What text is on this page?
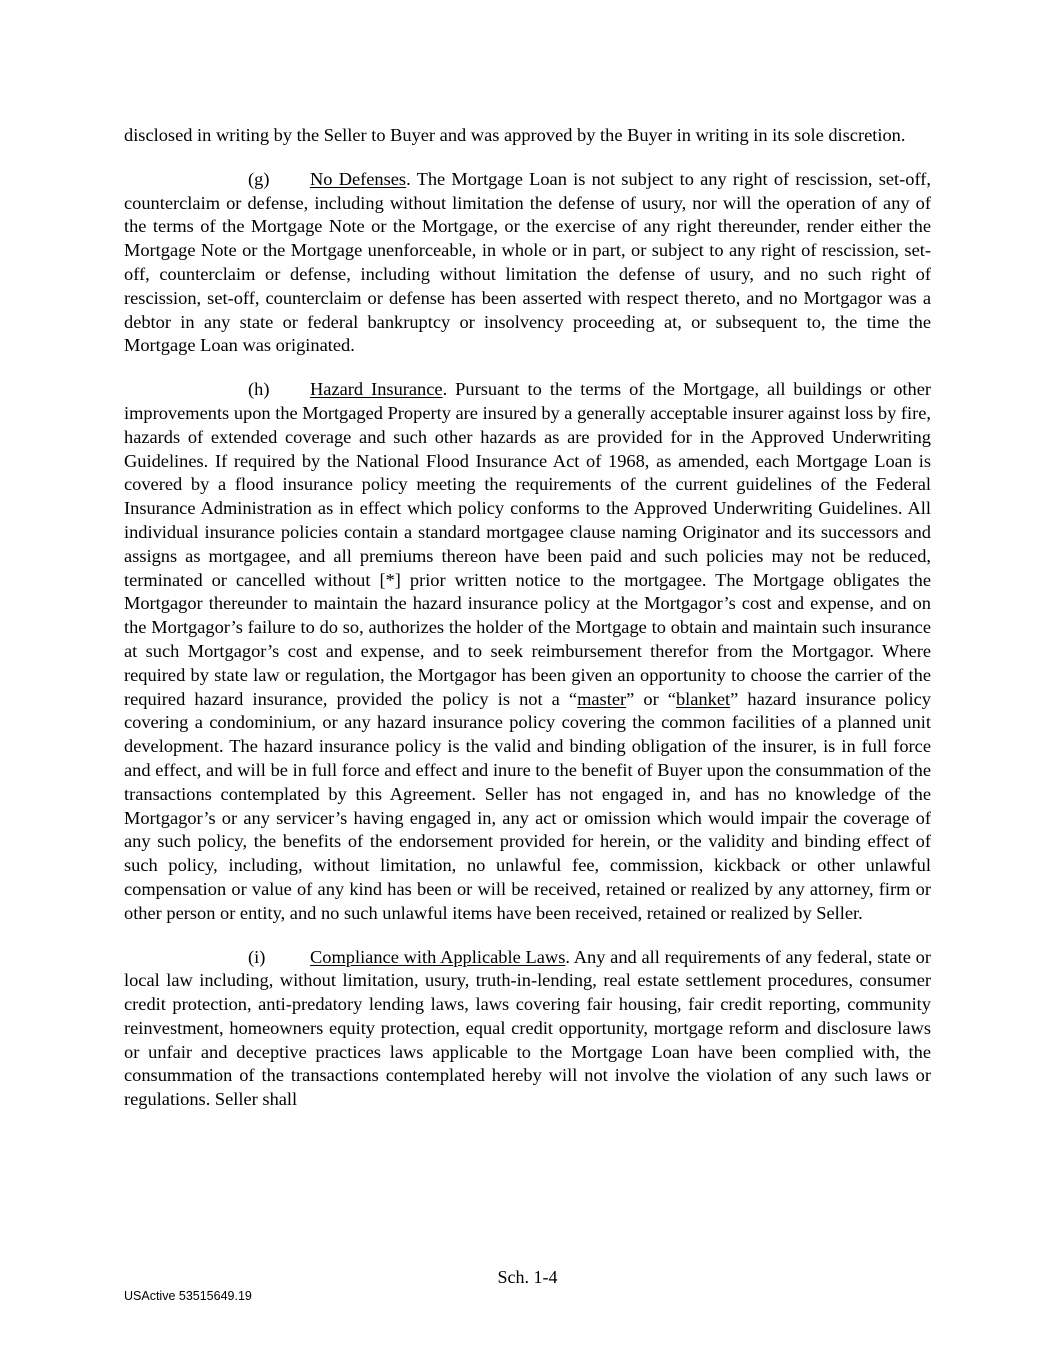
disclosed in writing by the Seller to Buyer and was approved by the Buyer in writing in its sole discretion.

(g) No Defenses. The Mortgage Loan is not subject to any right of rescission, set-off, counterclaim or defense, including without limitation the defense of usury, nor will the operation of any of the terms of the Mortgage Note or the Mortgage, or the exercise of any right thereunder, render either the Mortgage Note or the Mortgage unenforceable, in whole or in part, or subject to any right of rescission, set-off, counterclaim or defense, including without limitation the defense of usury, and no such right of rescission, set-off, counterclaim or defense has been asserted with respect thereto, and no Mortgagor was a debtor in any state or federal bankruptcy or insolvency proceeding at, or subsequent to, the time the Mortgage Loan was originated.

(h) Hazard Insurance. Pursuant to the terms of the Mortgage, all buildings or other improvements upon the Mortgaged Property are insured by a generally acceptable insurer against loss by fire, hazards of extended coverage and such other hazards as are provided for in the Approved Underwriting Guidelines. If required by the National Flood Insurance Act of 1968, as amended, each Mortgage Loan is covered by a flood insurance policy meeting the requirements of the current guidelines of the Federal Insurance Administration as in effect which policy conforms to the Approved Underwriting Guidelines. All individual insurance policies contain a standard mortgagee clause naming Originator and its successors and assigns as mortgagee, and all premiums thereon have been paid and such policies may not be reduced, terminated or cancelled without [*] prior written notice to the mortgagee. The Mortgage obligates the Mortgagor thereunder to maintain the hazard insurance policy at the Mortgagor’s cost and expense, and on the Mortgagor’s failure to do so, authorizes the holder of the Mortgage to obtain and maintain such insurance at such Mortgagor’s cost and expense, and to seek reimbursement therefor from the Mortgagor. Where required by state law or regulation, the Mortgagor has been given an opportunity to choose the carrier of the required hazard insurance, provided the policy is not a “master” or “blanket” hazard insurance policy covering a condominium, or any hazard insurance policy covering the common facilities of a planned unit development. The hazard insurance policy is the valid and binding obligation of the insurer, is in full force and effect, and will be in full force and effect and inure to the benefit of Buyer upon the consummation of the transactions contemplated by this Agreement. Seller has not engaged in, and has no knowledge of the Mortgagor’s or any servicer’s having engaged in, any act or omission which would impair the coverage of any such policy, the benefits of the endorsement provided for herein, or the validity and binding effect of such policy, including, without limitation, no unlawful fee, commission, kickback or other unlawful compensation or value of any kind has been or will be received, retained or realized by any attorney, firm or other person or entity, and no such unlawful items have been received, retained or realized by Seller.

(i) Compliance with Applicable Laws. Any and all requirements of any federal, state or local law including, without limitation, usury, truth-in-lending, real estate settlement procedures, consumer credit protection, anti-predatory lending laws, laws covering fair housing, fair credit reporting, community reinvestment, homeowners equity protection, equal credit opportunity, mortgage reform and disclosure laws or unfair and deceptive practices laws applicable to the Mortgage Loan have been complied with, the consummation of the transactions contemplated hereby will not involve the violation of any such laws or regulations. Seller shall

Sch. 1-4
USActive 53515649.19
